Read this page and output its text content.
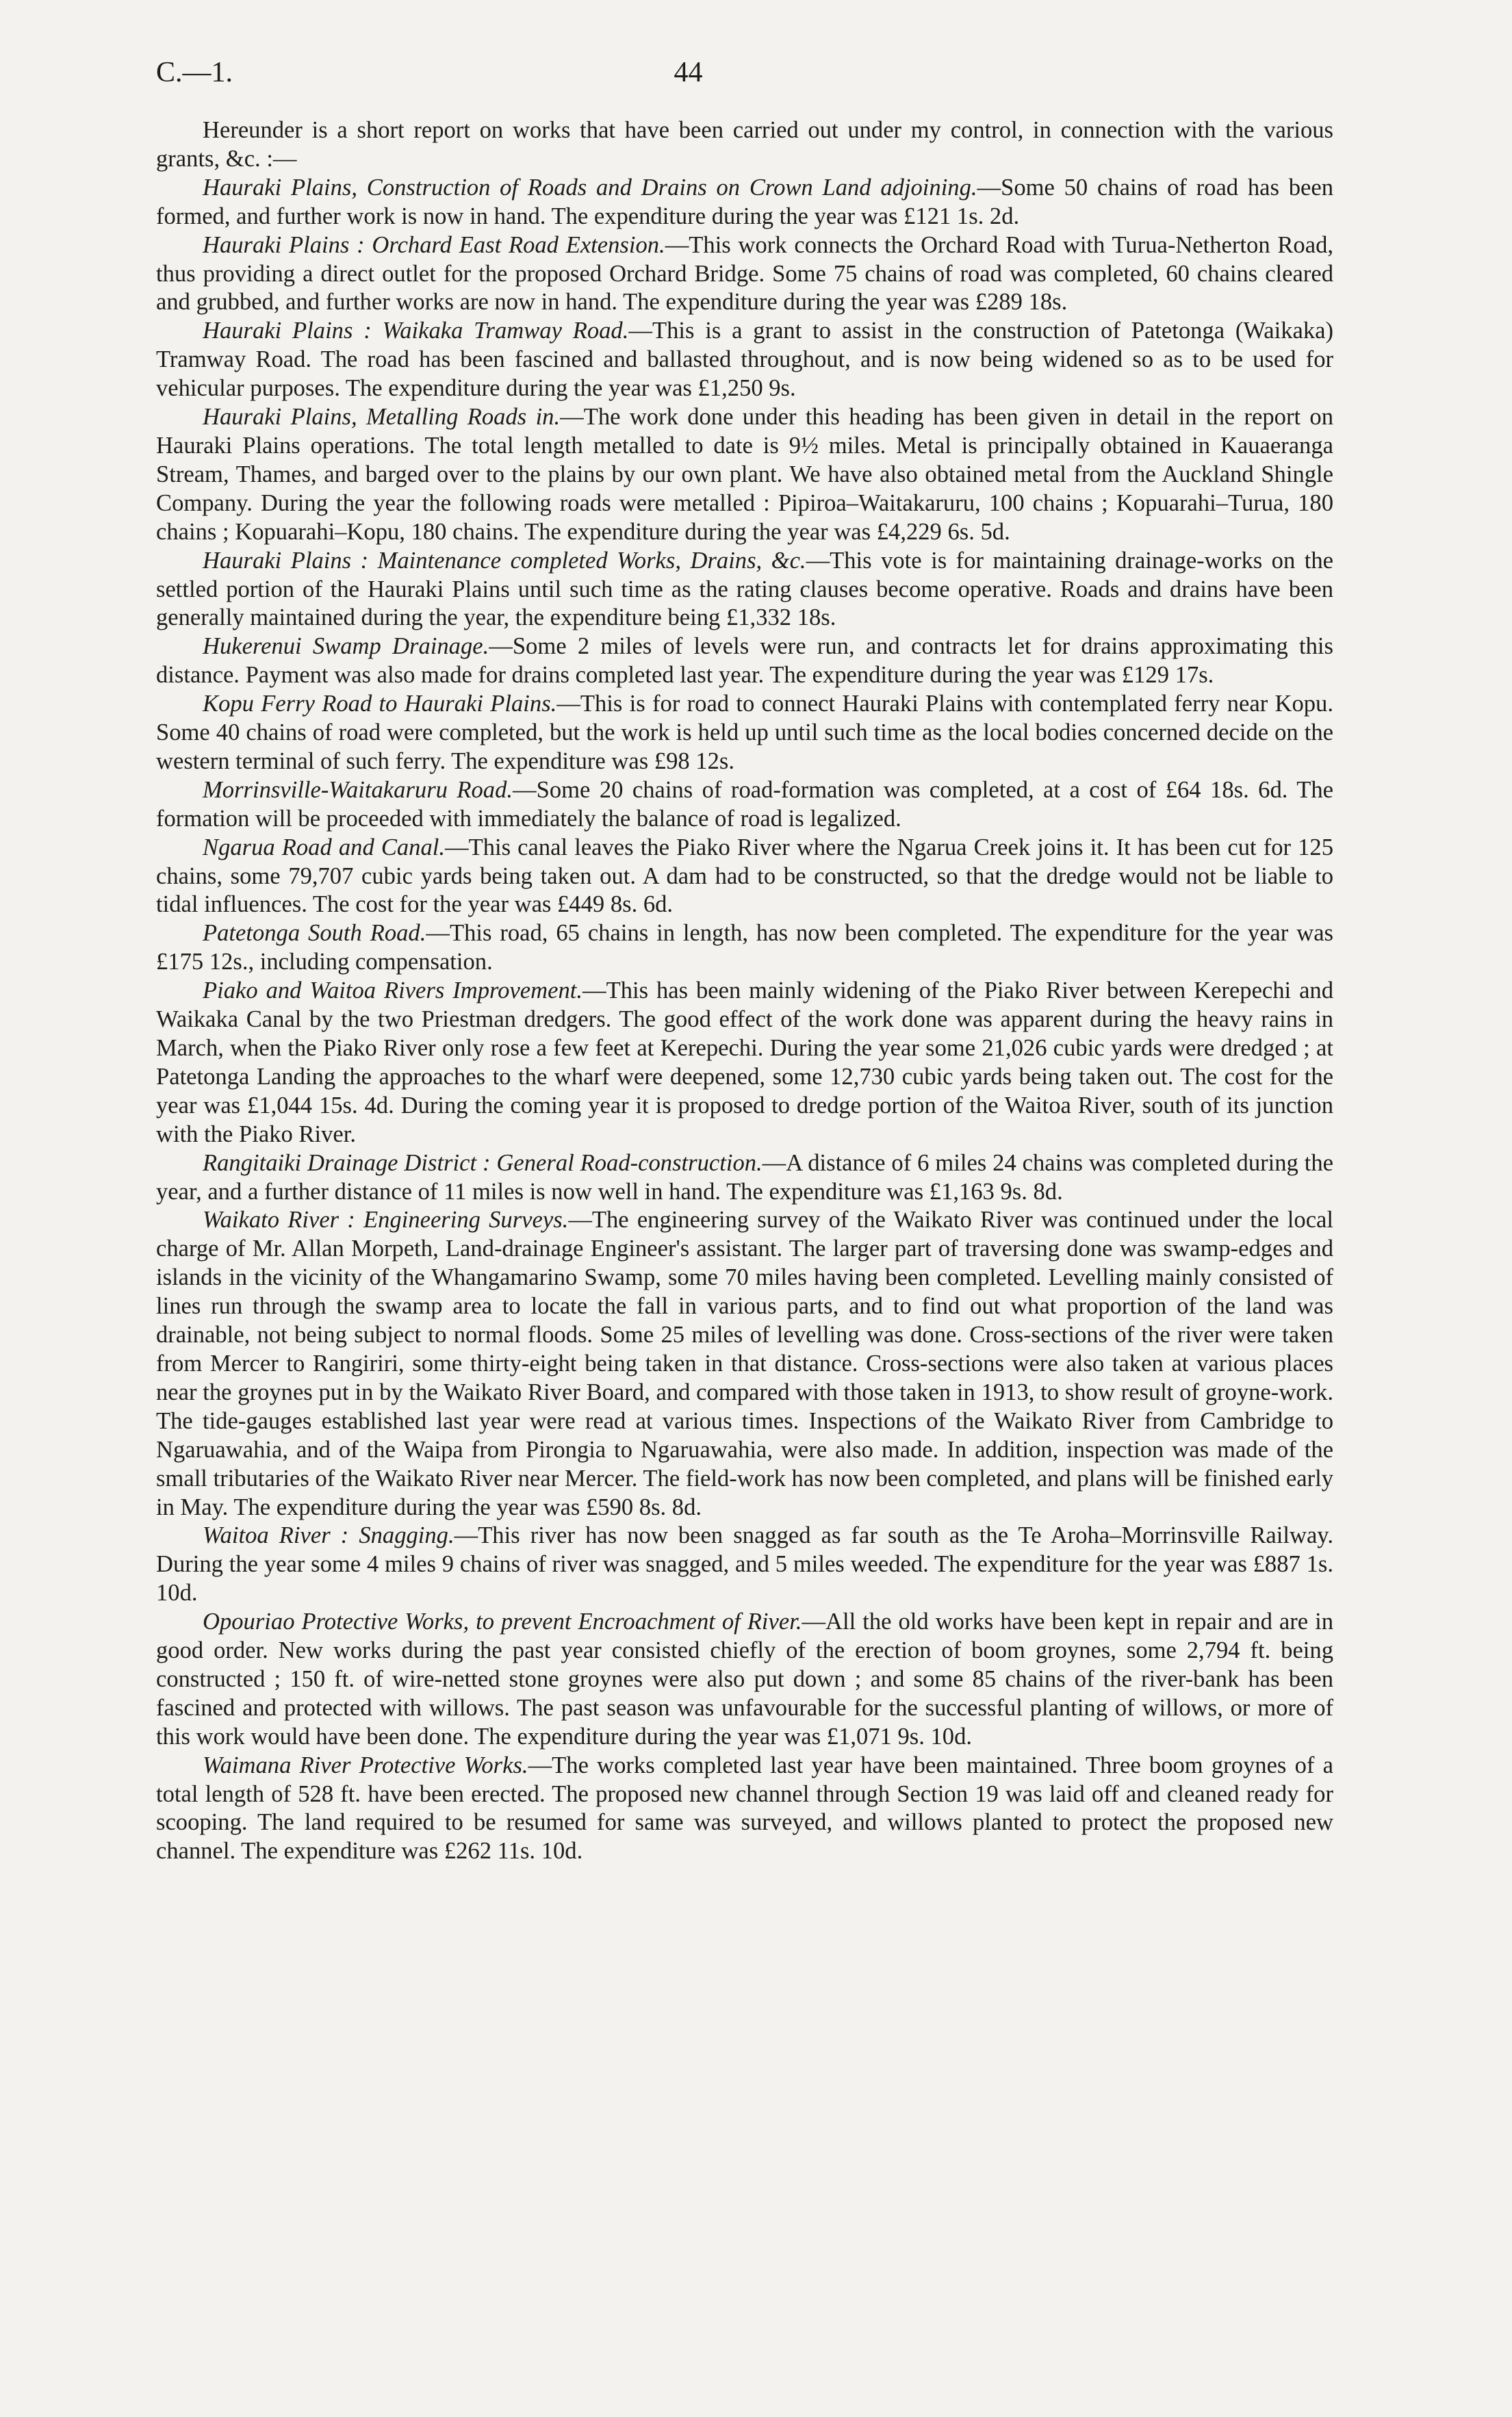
C.—1.	44

Hereunder is a short report on works that have been carried out under my control, in connection with the various grants, &c. :—

Hauraki Plains, Construction of Roads and Drains on Crown Land adjoining.—Some 50 chains of road has been formed, and further work is now in hand. The expenditure during the year was £121 1s. 2d.

Hauraki Plains : Orchard East Road Extension.—This work connects the Orchard Road with Turua-Netherton Road, thus providing a direct outlet for the proposed Orchard Bridge. Some 75 chains of road was completed, 60 chains cleared and grubbed, and further works are now in hand. The expenditure during the year was £289 18s.

Hauraki Plains : Waikaka Tramway Road.—This is a grant to assist in the construction of Patetonga (Waikaka) Tramway Road. The road has been fascined and ballasted throughout, and is now being widened so as to be used for vehicular purposes. The expenditure during the year was £1,250 9s.

Hauraki Plains, Metalling Roads in.—The work done under this heading has been given in detail in the report on Hauraki Plains operations. The total length metalled to date is 9½ miles. Metal is principally obtained in Kauaeranga Stream, Thames, and barged over to the plains by our own plant. We have also obtained metal from the Auckland Shingle Company. During the year the following roads were metalled : Pipiroa–Waitakaruru, 100 chains ; Kopuarahi–Turua, 180 chains ; Kopuarahi–Kopu, 180 chains. The expenditure during the year was £4,229 6s. 5d.

Hauraki Plains : Maintenance completed Works, Drains, &c.—This vote is for maintaining drainage-works on the settled portion of the Hauraki Plains until such time as the rating clauses become operative. Roads and drains have been generally maintained during the year, the expenditure being £1,332 18s.

Hukerenui Swamp Drainage.—Some 2 miles of levels were run, and contracts let for drains approximating this distance. Payment was also made for drains completed last year. The expenditure during the year was £129 17s.

Kopu Ferry Road to Hauraki Plains.—This is for road to connect Hauraki Plains with contemplated ferry near Kopu. Some 40 chains of road were completed, but the work is held up until such time as the local bodies concerned decide on the western terminal of such ferry. The expenditure was £98 12s.

Morrinsville-Waitakaruru Road.—Some 20 chains of road-formation was completed, at a cost of £64 18s. 6d. The formation will be proceeded with immediately the balance of road is legalized.

Ngarua Road and Canal.—This canal leaves the Piako River where the Ngarua Creek joins it. It has been cut for 125 chains, some 79,707 cubic yards being taken out. A dam had to be constructed, so that the dredge would not be liable to tidal influences. The cost for the year was £449 8s. 6d.

Patetonga South Road.—This road, 65 chains in length, has now been completed. The expenditure for the year was £175 12s., including compensation.

Piako and Waitoa Rivers Improvement.—This has been mainly widening of the Piako River between Kerepechi and Waikaka Canal by the two Priestman dredgers. The good effect of the work done was apparent during the heavy rains in March, when the Piako River only rose a few feet at Kerepechi. During the year some 21,026 cubic yards were dredged ; at Patetonga Landing the approaches to the wharf were deepened, some 12,730 cubic yards being taken out. The cost for the year was £1,044 15s. 4d. During the coming year it is proposed to dredge portion of the Waitoa River, south of its junction with the Piako River.

Rangitaiki Drainage District : General Road-construction.—A distance of 6 miles 24 chains was completed during the year, and a further distance of 11 miles is now well in hand. The expenditure was £1,163 9s. 8d.

Waikato River : Engineering Surveys.—The engineering survey of the Waikato River was continued under the local charge of Mr. Allan Morpeth, Land-drainage Engineer's assistant. The larger part of traversing done was swamp-edges and islands in the vicinity of the Whangamarino Swamp, some 70 miles having been completed. Levelling mainly consisted of lines run through the swamp area to locate the fall in various parts, and to find out what proportion of the land was drainable, not being subject to normal floods. Some 25 miles of levelling was done. Cross-sections of the river were taken from Mercer to Rangiriri, some thirty-eight being taken in that distance. Cross-sections were also taken at various places near the groynes put in by the Waikato River Board, and compared with those taken in 1913, to show result of groyne-work. The tide-gauges established last year were read at various times. Inspections of the Waikato River from Cambridge to Ngaruawahia, and of the Waipa from Pirongia to Ngaruawahia, were also made. In addition, inspection was made of the small tributaries of the Waikato River near Mercer. The field-work has now been completed, and plans will be finished early in May. The expenditure during the year was £590 8s. 8d.

Waitoa River : Snagging.—This river has now been snagged as far south as the Te Aroha–Morrinsville Railway. During the year some 4 miles 9 chains of river was snagged, and 5 miles weeded. The expenditure for the year was £887 1s. 10d.

Opouriao Protective Works, to prevent Encroachment of River.—All the old works have been kept in repair and are in good order. New works during the past year consisted chiefly of the erection of boom groynes, some 2,794 ft. being constructed ; 150 ft. of wire-netted stone groynes were also put down ; and some 85 chains of the river-bank has been fascined and protected with willows. The past season was unfavourable for the successful planting of willows, or more of this work would have been done. The expenditure during the year was £1,071 9s. 10d.

Waimana River Protective Works.—The works completed last year have been maintained. Three boom groynes of a total length of 528 ft. have been erected. The proposed new channel through Section 19 was laid off and cleaned ready for scooping. The land required to be resumed for same was surveyed, and willows planted to protect the proposed new channel. The expenditure was £262 11s. 10d.
